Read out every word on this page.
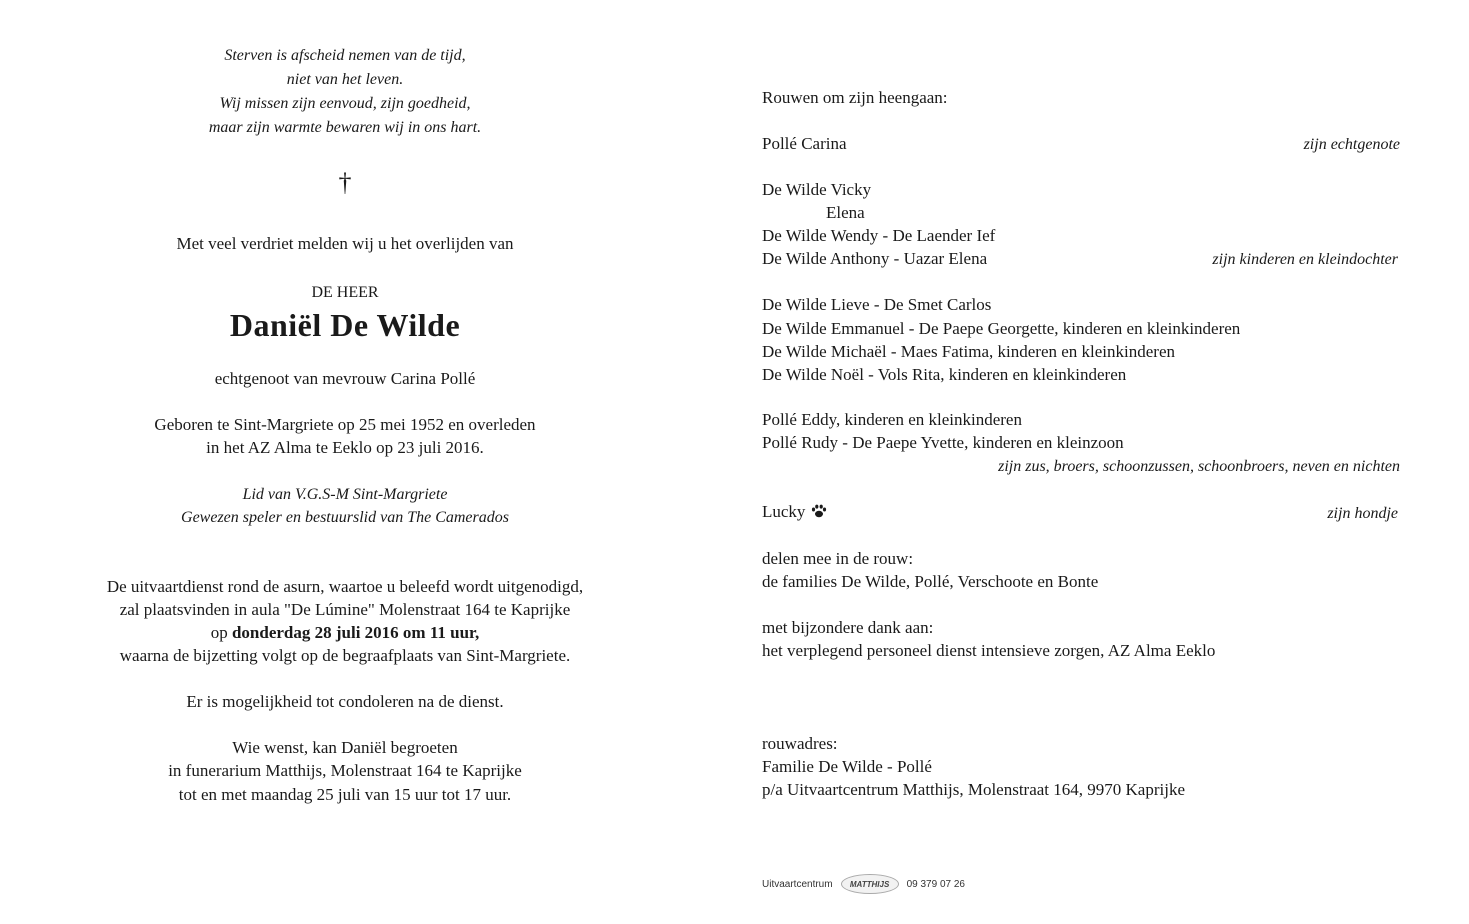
Sterven is afscheid nemen van de tijd,
niet van het leven.
Wij missen zijn eenvoud, zijn goedheid,
maar zijn warmte bewaren wij in ons hart.
†
Met veel verdriet melden wij u het overlijden van
DE HEER
Daniël De Wilde
echtgenoot van mevrouw Carina Pollé
Geboren te Sint-Margriete op 25 mei 1952 en overleden
in het AZ Alma te Eeklo op 23 juli 2016.
Lid van V.G.S-M Sint-Margriete
Gewezen speler en bestuurslid van The Camerados
De uitvaartdienst rond de asurn, waartoe u beleefd wordt uitgenodigd,
zal plaatsvinden in aula "De Lúmine" Molenstraat 164 te Kaprijke
op donderdag 28 juli 2016 om 11 uur,
waarna de bijzetting volgt op de begraafplaats van Sint-Margriete.
Er is mogelijkheid tot condoleren na de dienst.
Wie wenst, kan Daniël begroeten
in funerarium Matthijs, Molenstraat 164 te Kaprijke
tot en met maandag 25 juli van 15 uur tot 17 uur.
Rouwen om zijn heengaan:
Pollé Carina	zijn echtgenote
De Wilde Vicky
Elena
De Wilde Wendy - De Laender Ief
De Wilde Anthony - Uazar Elena	zijn kinderen en kleindochter
De Wilde Lieve - De Smet Carlos
De Wilde Emmanuel - De Paepe Georgette, kinderen en kleinkinderen
De Wilde Michaël - Maes Fatima, kinderen en kleinkinderen
De Wilde Noël - Vols Rita, kinderen en kleinkinderen
Pollé Eddy, kinderen en kleinkinderen
Pollé Rudy - De Paepe Yvette, kinderen en kleinzoon
zijn zus, broers, schoonzussen, schoonbroers, neven en nichten
Lucky	zijn hondje
delen mee in de rouw:
de families De Wilde, Pollé, Verschoote en Bonte
met bijzondere dank aan:
het verplegend personeel dienst intensieve zorgen, AZ Alma Eeklo
rouwadres:
Familie De Wilde - Pollé
p/a Uitvaartcentrum Matthijs, Molenstraat 164, 9970 Kaprijke
Uitvaartcentrum	MATTHIJS	09 379 07 26
